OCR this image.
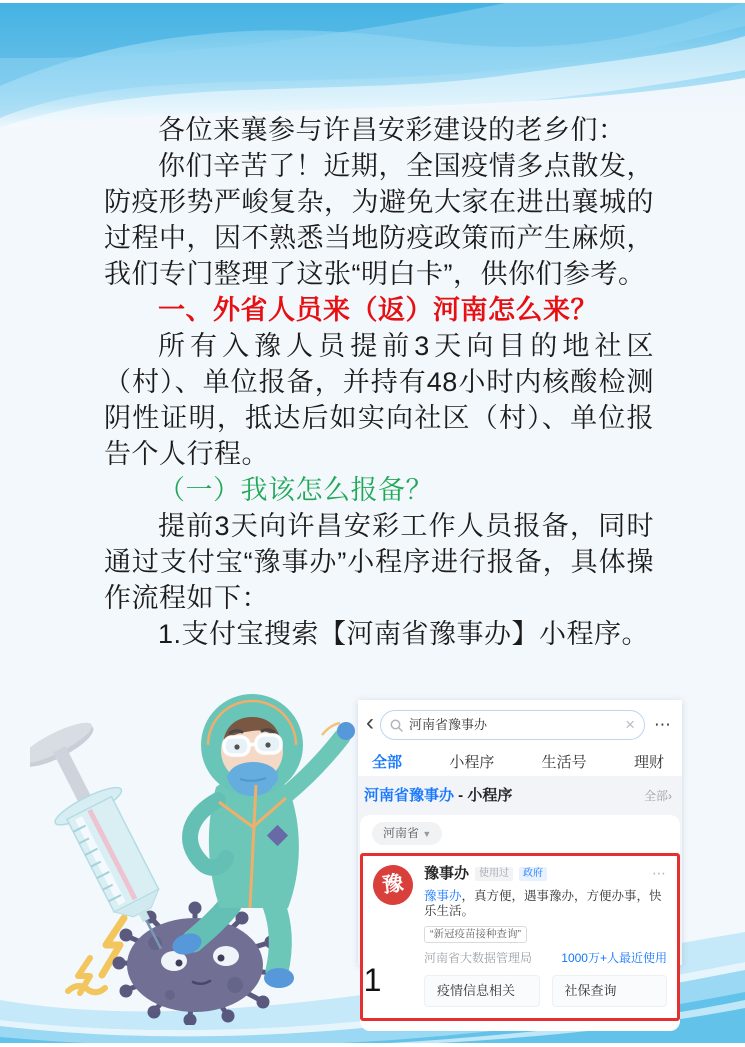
各位来襄参与许昌安彩建设的老乡们：

你们辛苦了！近期，全国疫情多点散发，防疫形势严峻复杂，为避免大家在进出襄城的过程中，因不熟悉当地防疫政策而产生麻烦，我们专门整理了这张“明白卡”，供你们参考。

一、外省人员来（返）河南怎么来？

所有入豫人员提前3天向目的地社区（村）、单位报备，并持有48小时内核酸检测阴性证明，抵达后如实向社区（村）、单位报告个人行程。

（一）我该怎么报备？

提前3天向许昌安彩工作人员报备，同时通过支付宝“豫事办”小程序进行报备，具体操作流程如下：

1.支付宝搜索【河南省豫事办】小程序。

‹	河南省豫事办	× ⋯
全部	小程序	生活号	理财
河南省豫事办 - 小程序	全部›
河南省 ▼
豫	豫事办	使用过	政府	⋯
豫事办，真方便，遇事豫办，方便办事，快乐生活。
“新冠疫苗接种查询”
河南省大数据管理局 1000万+人最近使用
疫情信息相关	社保查询
1
